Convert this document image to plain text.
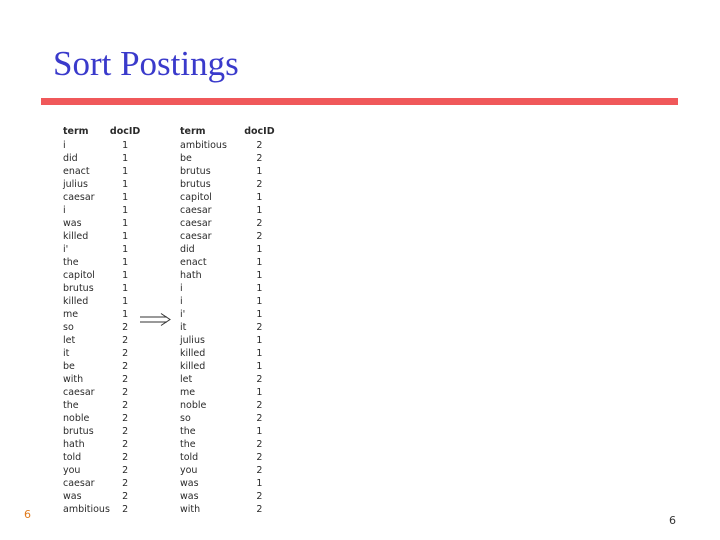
Sort Postings
term	docID
i	1
did	1
enact	1
julius	1
caesar	1
i	1
was	1
killed	1
i'	1
the	1
capitol	1
brutus	1
killed	1
me	1
so	2
let	2
it	2
be	2
with	2
caesar	2
the	2
noble	2
brutus	2
hath	2
told	2
you	2
caesar	2
was	2
ambitious	2
term	docID
ambitious	2
be	2
brutus	1
brutus	2
capitol	1
caesar	1
caesar	2
caesar	2
did	1
enact	1
hath	1
i	1
i	1
i'	1
it	2
julius	1
killed	1
killed	1
let	2
me	1
noble	2
so	2
the	1
the	2
told	2
you	2
was	1
was	2
with	2
6	6
